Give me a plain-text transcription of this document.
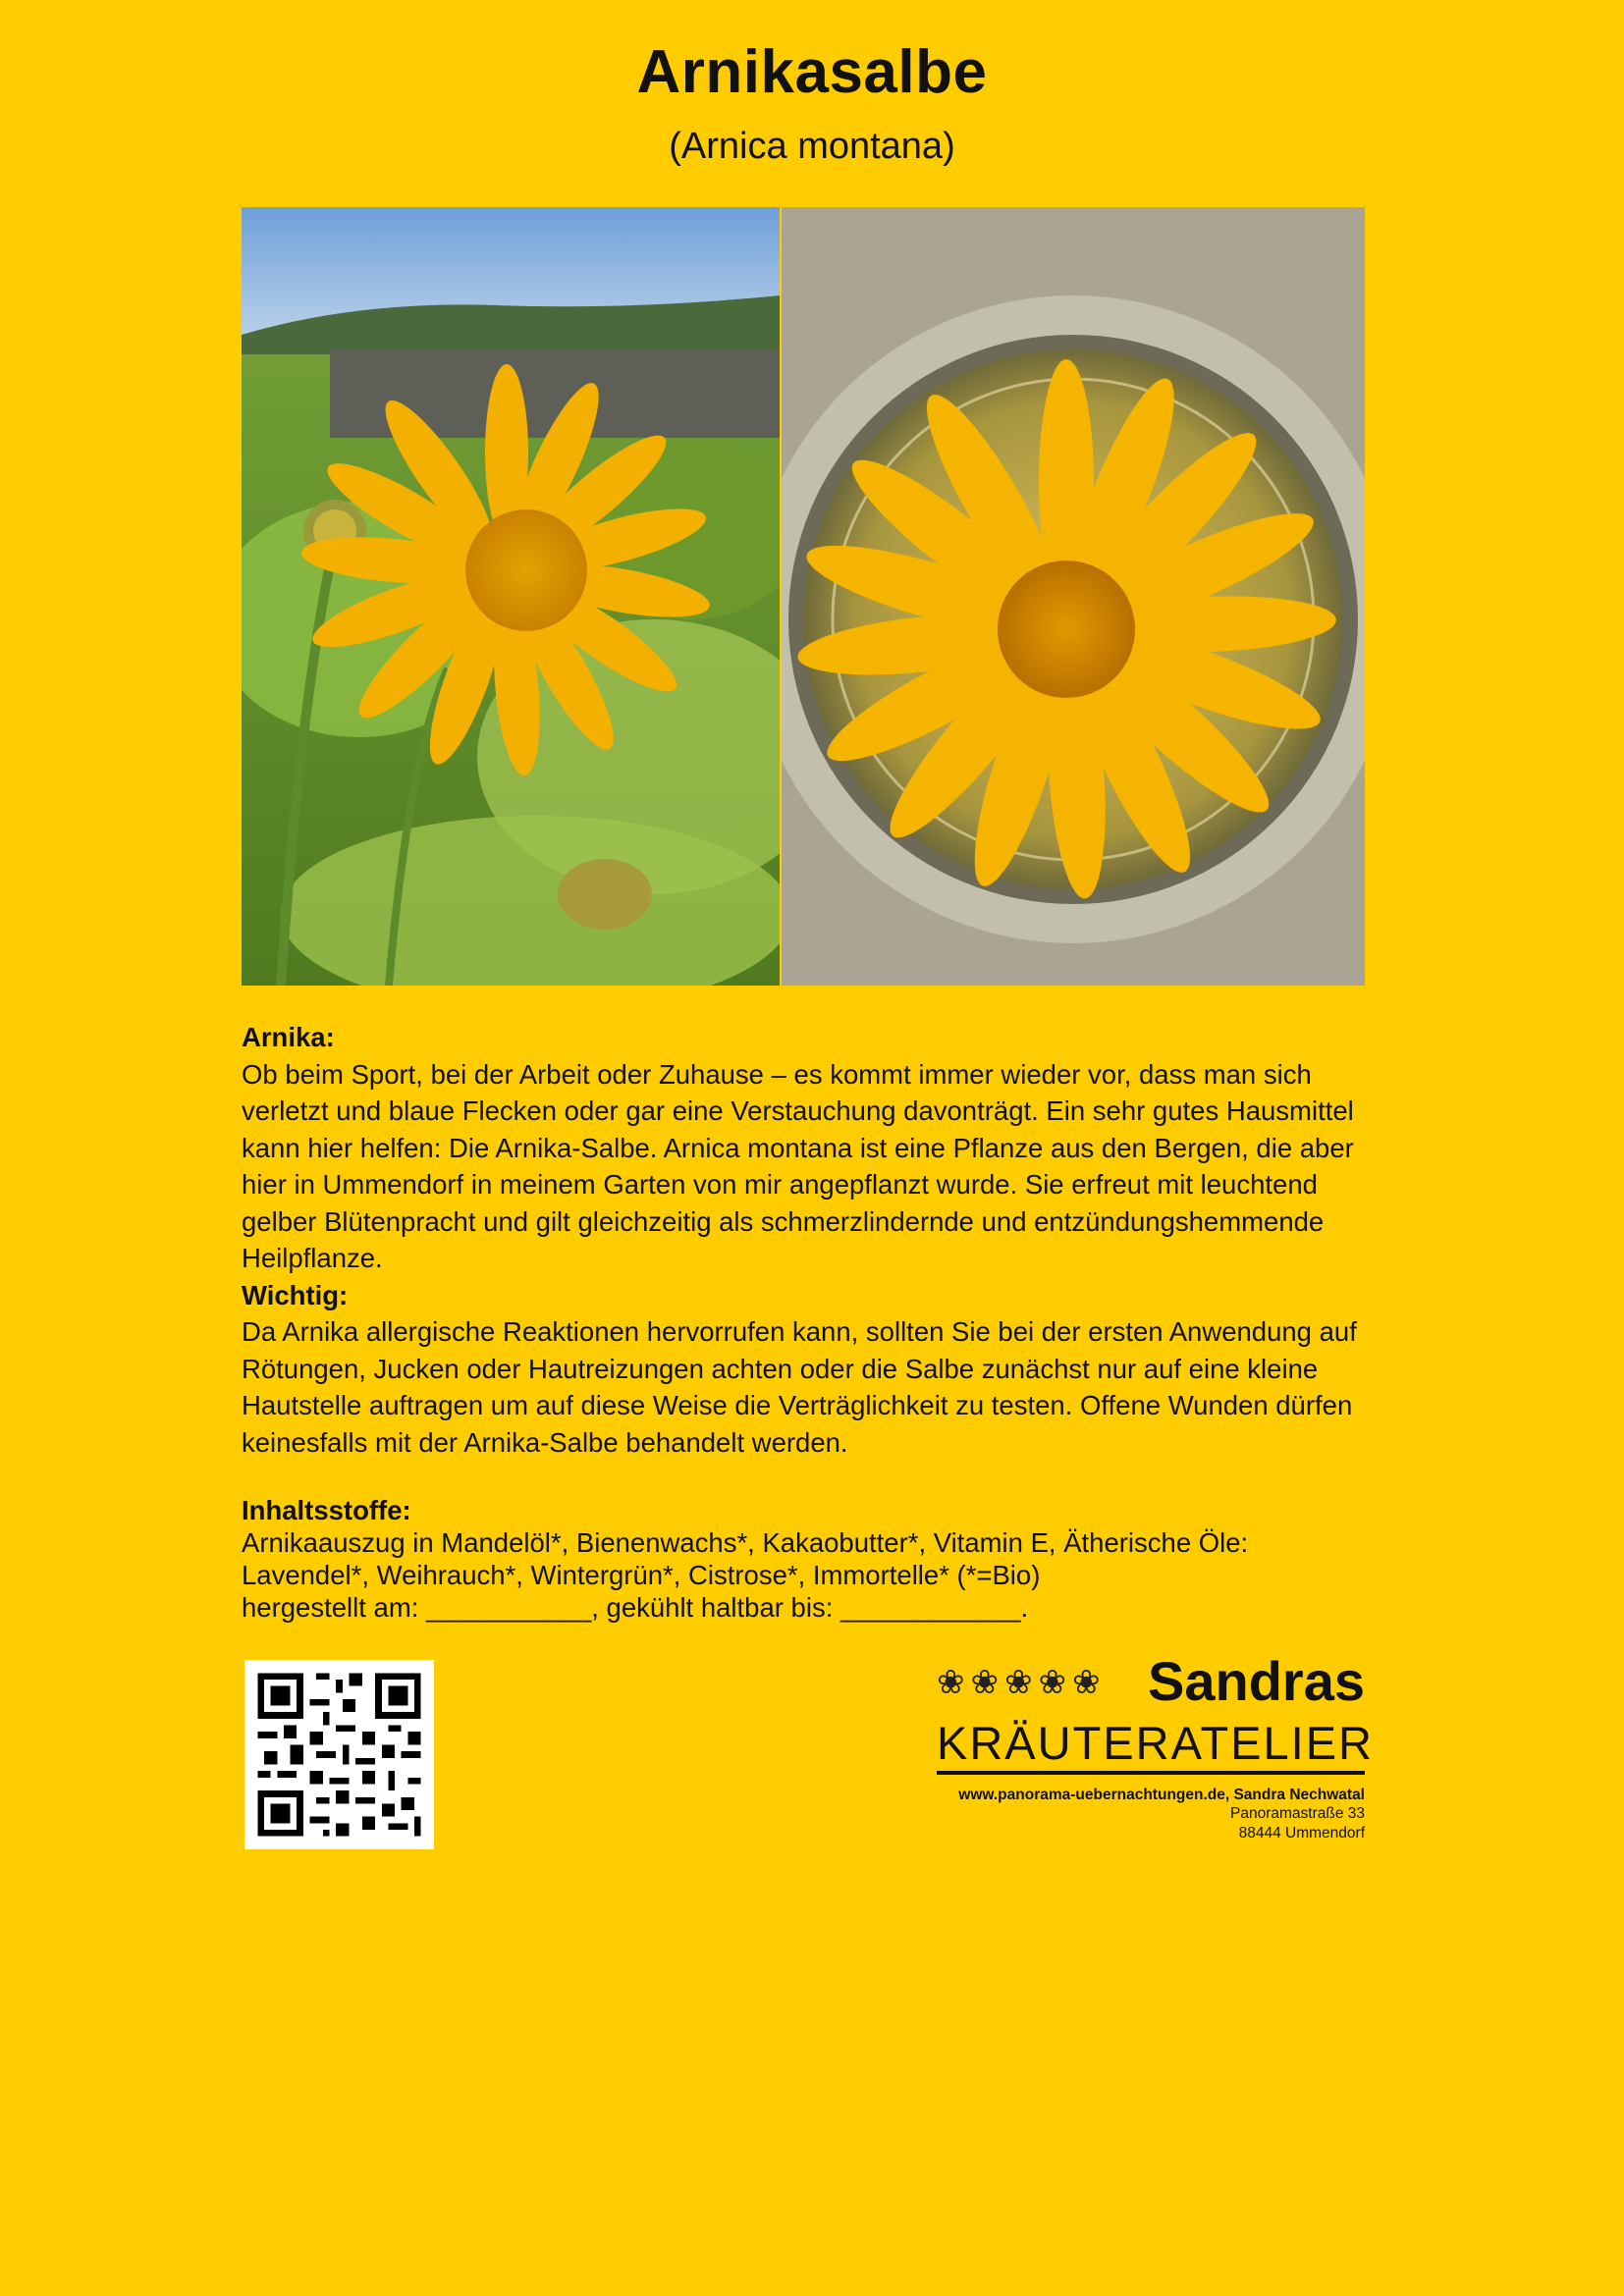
Arnikasalbe

(Arnica montana)

Arnika:

Ob beim Sport, bei der Arbeit oder Zuhause – es kommt immer wieder vor, dass man sich verletzt und blaue Flecken oder gar eine Verstauchung davonträgt. Ein sehr gutes Hausmittel kann hier helfen: Die Arnika-Salbe. Arnica montana ist eine Pflanze aus den Bergen, die aber hier in Ummendorf in meinem Garten von mir angepflanzt wurde. Sie erfreut mit leuchtend gelber Blütenpracht und gilt gleichzeitig als schmerzlindernde und entzündungshemmende Heilpflanze.

Wichtig:

Da Arnika allergische Reaktionen hervorrufen kann, sollten Sie bei der ersten Anwendung auf Rötungen, Jucken oder Hautreizungen achten oder die Salbe zunächst nur auf eine kleine Hautstelle auftragen um auf diese Weise die Verträglichkeit zu testen. Offene Wunden dürfen keinesfalls mit der Arnika-Salbe behandelt werden.

Inhaltsstoffe:

Arnikaauszug in Mandelöl*, Bienenwachs*, Kakaobutter*, Vitamin E, Ätherische Öle:

Lavendel*, Weihrauch*, Wintergrün*, Cistrose*, Immortelle* (*=Bio)

hergestellt am: ___________, gekühlt haltbar bis: ____________.

❀❀❀❀❀ Sandras

KRÄUTERATELIER

www.panorama-uebernachtungen.de, Sandra Nechwatal
Panoramastraße 33
88444 Ummendorf
